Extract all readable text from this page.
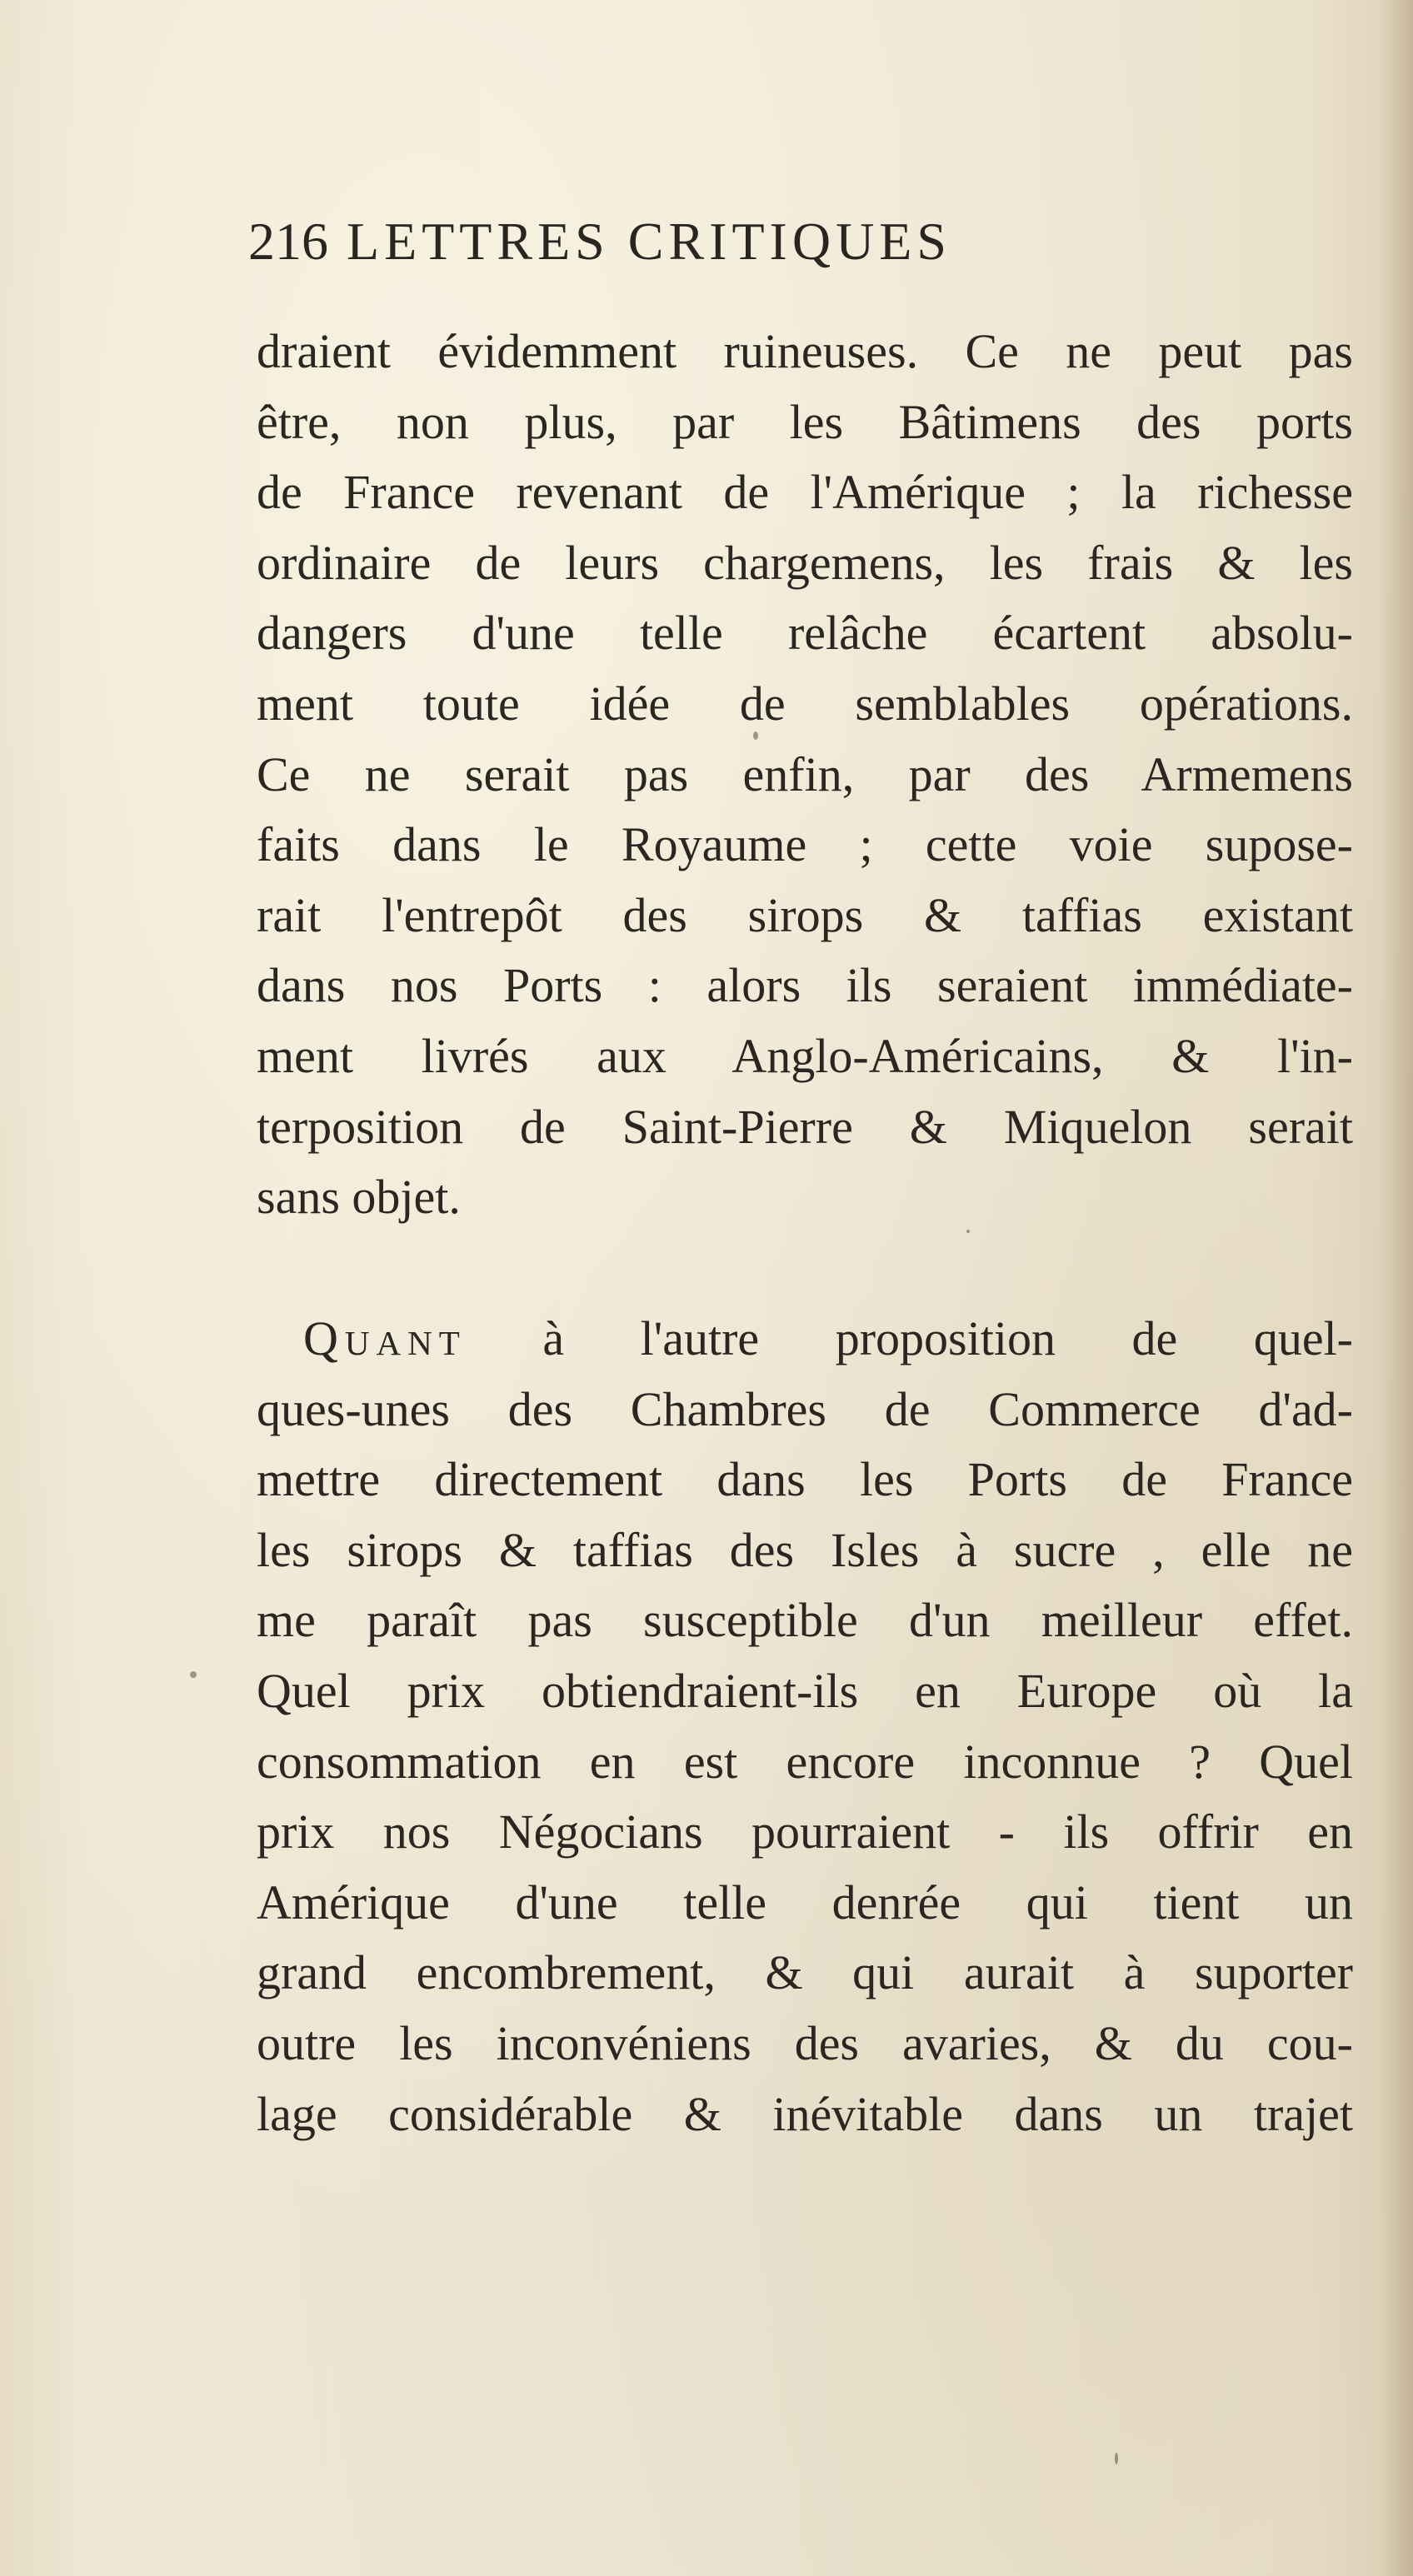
216 LETTRES CRITIQUES
draient évidemment ruineuses. Ce ne peut pas
être, non plus, par les Bâtimens des ports
de France revenant de l'Amérique ; la richesse
ordinaire de leurs chargemens, les frais & les
dangers d'une telle relâche écartent absolu-
ment toute idée de semblables opérations.
Ce ne serait pas enfin, par des Armemens
faits dans le Royaume ; cette voie supose-
rait l'entrepôt des sirops & taffias existant
dans nos Ports : alors ils seraient immédiate-
ment livrés aux Anglo-Américains, & l'in-
terposition de Saint-Pierre & Miquelon serait
sans objet.
Quant à l'autre proposition de quel-
ques-unes des Chambres de Commerce d'ad-
mettre directement dans les Ports de France
les sirops & taffias des Isles à sucre , elle ne
me paraît pas susceptible d'un meilleur effet.
Quel prix obtiendraient-ils en Europe où la
consommation en est encore inconnue ? Quel
prix nos Négocians pourraient - ils offrir en
Amérique d'une telle denrée qui tient un
grand encombrement, & qui aurait à suporter
outre les inconvéniens des avaries, & du cou-
lage considérable & inévitable dans un trajet
